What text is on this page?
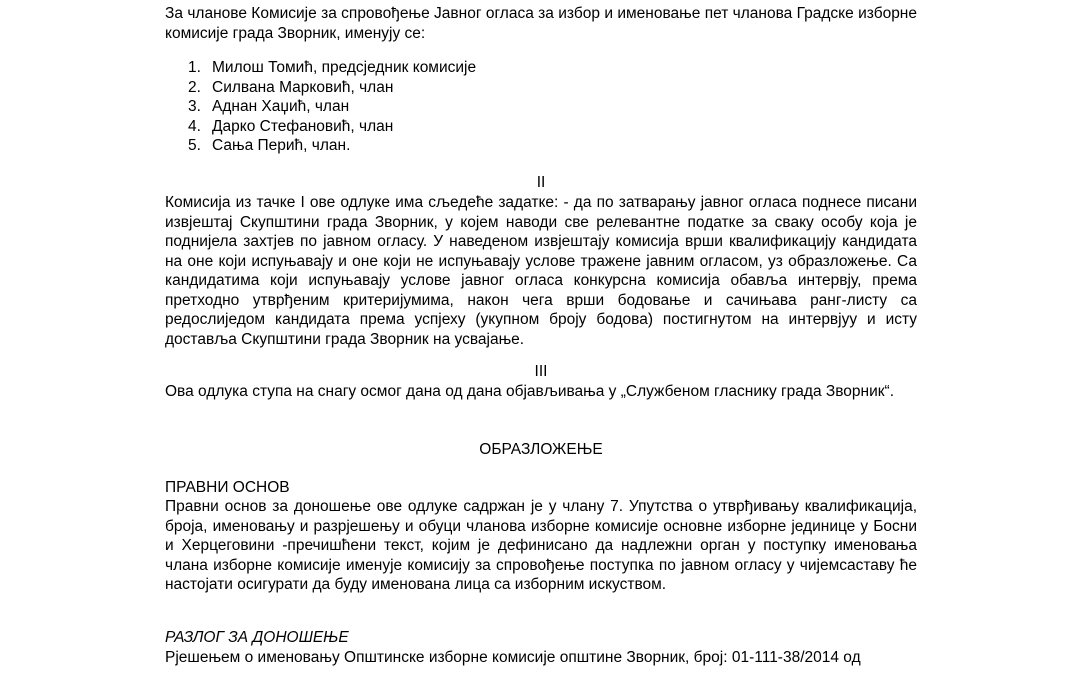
За чланове Комисије за спровођење Јавног огласа за избор и именовање пет чланова Градске изборне комисије града Зворник, именују се:

Милош Томић, предсједник комисије
Силвана Марковић, члан
Аднан Хаџић, члан
Дарко Стефановић, члан
Сања Перић, члан.

II

Комисија из тачке I ове одлуке има сљедеће задатке: - да по затварању јавног огласа поднесе писани извјештај Скупштини града Зворник, у којем наводи све релевантне податке за сваку особу која је поднијела захтјев по јавном огласу. У наведеном извјештају комисија врши квалификацију кандидата на оне који испуњавају и оне који не испуњавају услове тражене јавним огласом, уз образложење. Са кандидатима који испуњавају услове јавног огласа конкурсна комисија обавља интервју, према претходно утврђеним критеријумима, након чега врши бодовање и сачињава ранг-листу са редослиједом кандидата према успјеху (укупном броју бодова) постигнутом на интервјуу и исту доставља Скупштини града Зворник на усвајање.

III

Ова одлука ступа на снагу осмог дана од дана објављивања у „Службеном гласнику града Зворник“.

ОБРАЗЛОЖЕЊЕ

ПРАВНИ ОСНОВ

Правни основ за доношење ове одлуке садржан је у члану 7. Упутства о утврђивању квалификација, броја, именовању и разрјешењу и обуци чланова изборне комисије основне изборне јединице у Босни и Херцеговини -пречишћени текст, којим је дефинисано да надлежни орган у поступку именовања члана изборне комисије именује комисију за спровођење поступка по јавном огласу у чијемсаставу ће настојати осигурати да буду именована лица са изборним искуством.

РАЗЛОГ ЗА ДОНОШЕЊЕ

Рјешењем о именовању Општинске изборне комисије општине Зворник, број: 01-111-38/2014 од
